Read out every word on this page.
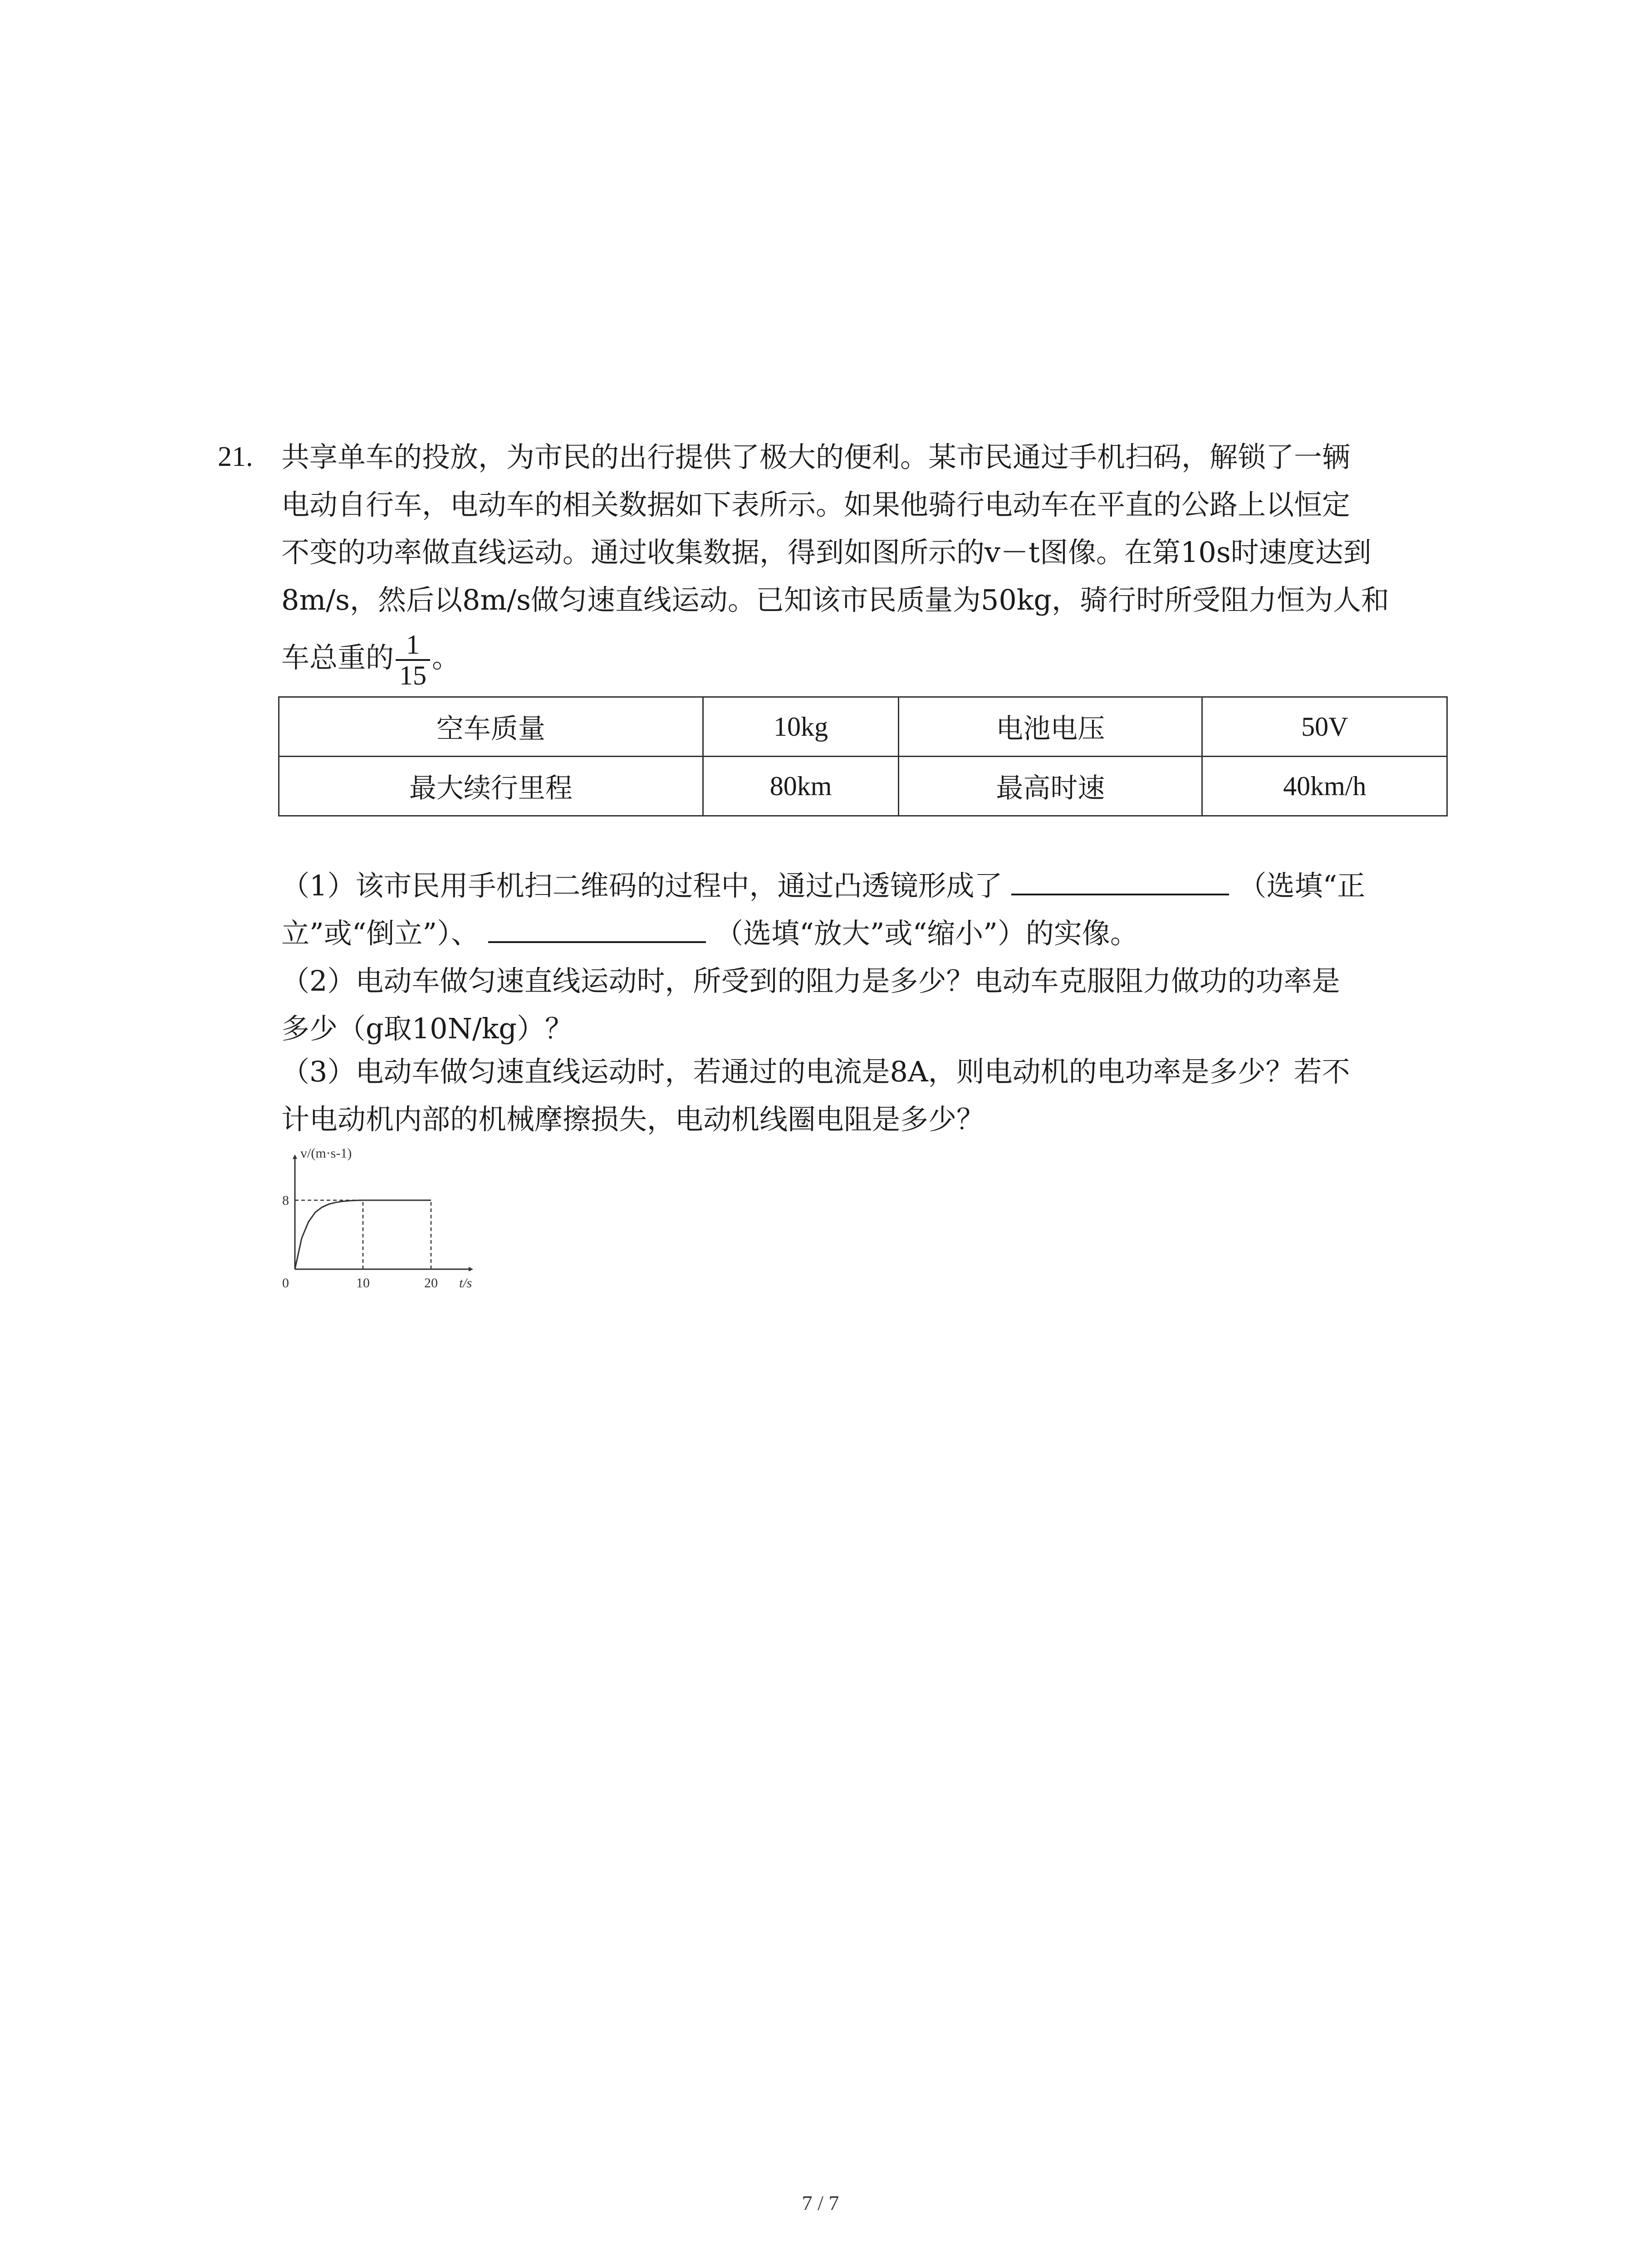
21. 共享单车的投放，为市民的出行提供了极大的便利。某市民通过手机扫码，解锁了一辆
电动自行车，电动车的相关数据如下表所示。如果他骑行电动车在平直的公路上以恒定
不变的功率做直线运动。通过收集数据，得到如图所示的v－t图像。在第10s时速度达到
8m/s，然后以8m/s做匀速直线运动。已知该市民质量为50kg，骑行时所受阻力恒为人和
车总重的 $\frac{1}{15}$ 。
空车质量	10kg	电池电压	50V
最大续行里程	80km	最高时速	40km/h
（1）该市民用手机扫二维码的过程中，通过凸透镜形成了	（选填“正
立”或“倒立”）、	（选填“放大”或“缩小”）的实像。
（2）电动车做匀速直线运动时，所受到的阻力是多少？电动车克服阻力做功的功率是
多少（g取10N/kg）？
（3）电动车做匀速直线运动时，若通过的电流是8A，则电动机的电功率是多少？若不
计电动机内部的机械摩擦损失，电动机线圈电阻是多少？
v/(m·s-1)
t/s
0	10	20
8
7 / 7
